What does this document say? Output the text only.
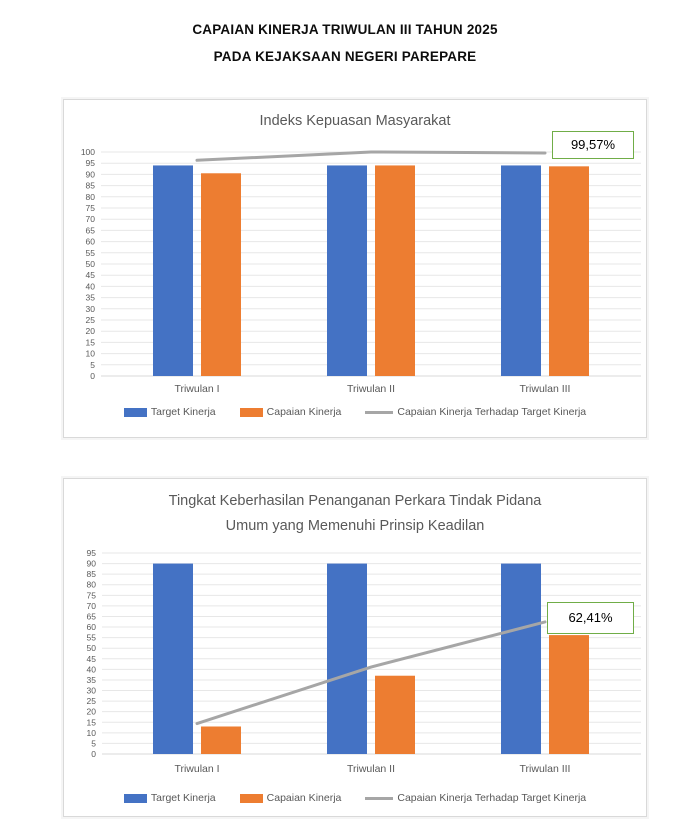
CAPAIAN KINERJA TRIWULAN III TAHUN 2025
PADA KEJAKSAAN NEGERI PAREPARE
0
5
10
15
20
25
30
35
40
45
50
55
60
65
70
75
80
85
90
95
100
Triwulan I	Triwulan II	Triwulan III
Indeks Kepuasan Masyarakat
99,57%
Target Kinerja	Capaian Kinerja	Capaian Kinerja Terhadap Target Kinerja
0
5
10
15
20
25
30
35
40
45
50
55
60
65
70
75
80
85
90
95
Triwulan I	Triwulan II	Triwulan III
Tingkat Keberhasilan Penanganan Perkara Tindak Pidana
Umum yang Memenuhi Prinsip Keadilan
62,41%
Target Kinerja	Capaian Kinerja	Capaian Kinerja Terhadap Target Kinerja
